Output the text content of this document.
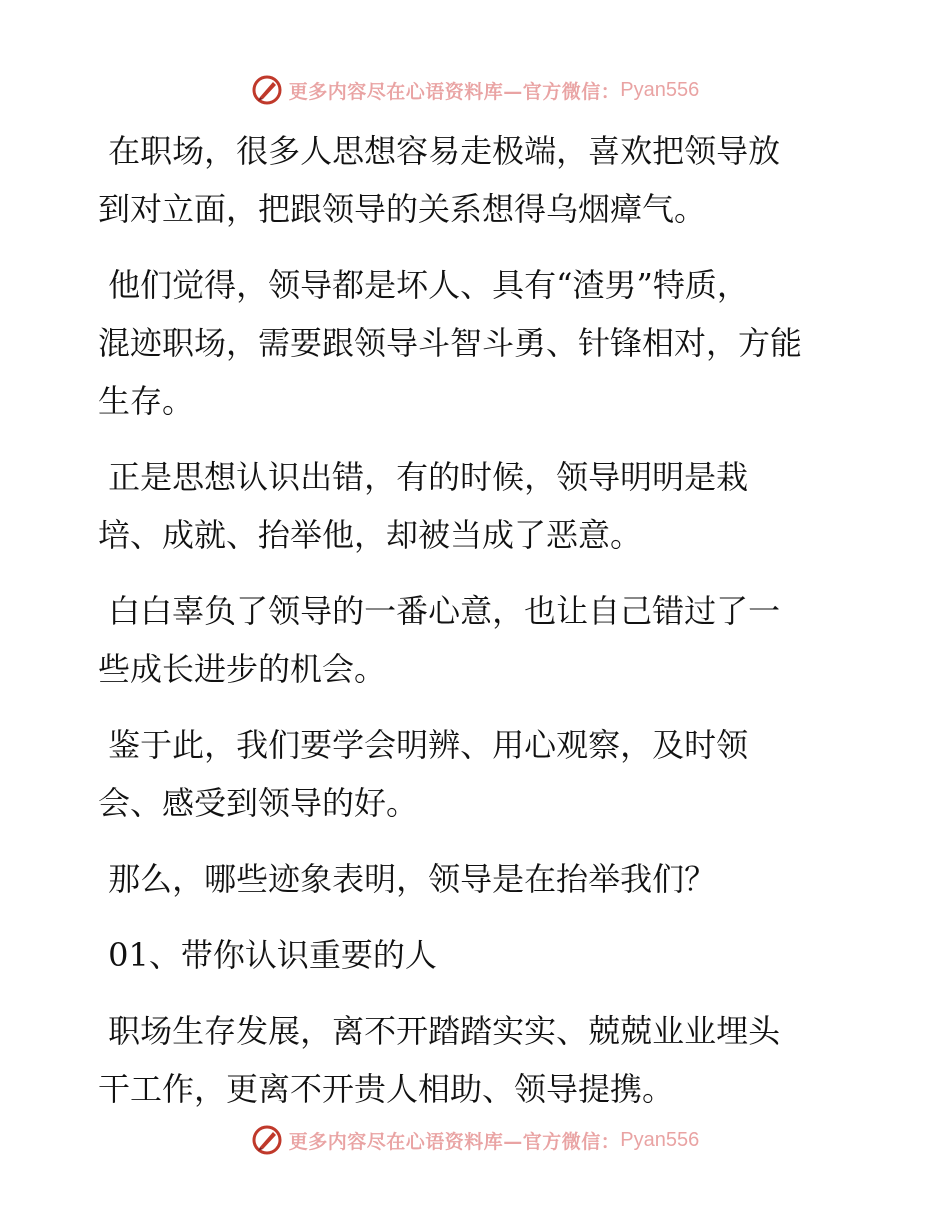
更多内容尽在心语资料库—官方微信： Pyan556

在职场，很多人思想容易走极端，喜欢把领导放
到对立面，把跟领导的关系想得乌烟瘴气。

他们觉得，领导都是坏人、具有“渣男”特质，
混迹职场，需要跟领导斗智斗勇、针锋相对，方能
生存。

正是思想认识出错，有的时候，领导明明是栽
培、成就、抬举他，却被当成了恶意。

白白辜负了领导的一番心意，也让自己错过了一
些成长进步的机会。

鉴于此，我们要学会明辨、用心观察，及时领
会、感受到领导的好。

那么，哪些迹象表明，领导是在抬举我们？

01、带你认识重要的人

职场生存发展，离不开踏踏实实、兢兢业业埋头
干工作，更离不开贵人相助、领导提携。

更多内容尽在心语资料库—官方微信： Pyan556
